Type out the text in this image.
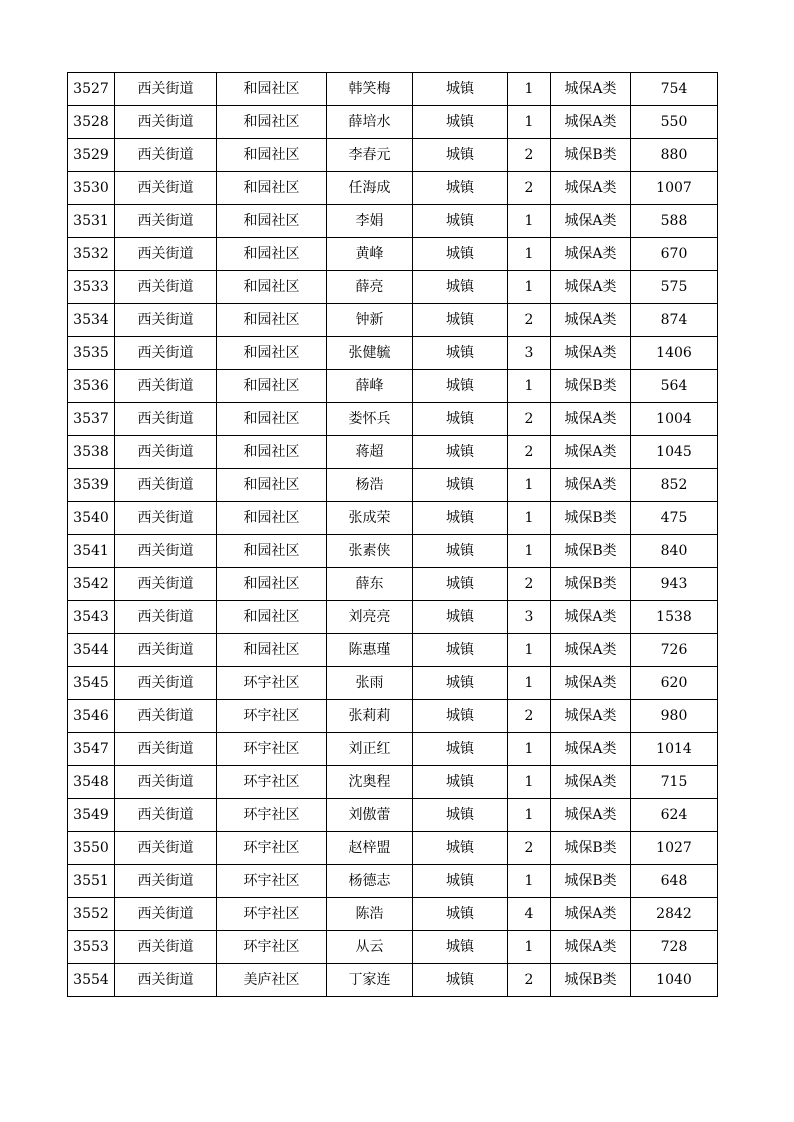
3527	西关街道	和园社区	韩笑梅	城镇	1	城保A类	754
3528	西关街道	和园社区	薛培水	城镇	1	城保A类	550
3529	西关街道	和园社区	李春元	城镇	2	城保B类	880
3530	西关街道	和园社区	任海成	城镇	2	城保A类	1007
3531	西关街道	和园社区	李娟	城镇	1	城保A类	588
3532	西关街道	和园社区	黄峰	城镇	1	城保A类	670
3533	西关街道	和园社区	薛亮	城镇	1	城保A类	575
3534	西关街道	和园社区	钟新	城镇	2	城保A类	874
3535	西关街道	和园社区	张健毓	城镇	3	城保A类	1406
3536	西关街道	和园社区	薛峰	城镇	1	城保B类	564
3537	西关街道	和园社区	娄怀兵	城镇	2	城保A类	1004
3538	西关街道	和园社区	蒋超	城镇	2	城保A类	1045
3539	西关街道	和园社区	杨浩	城镇	1	城保A类	852
3540	西关街道	和园社区	张成荣	城镇	1	城保B类	475
3541	西关街道	和园社区	张素侠	城镇	1	城保B类	840
3542	西关街道	和园社区	薛东	城镇	2	城保B类	943
3543	西关街道	和园社区	刘亮亮	城镇	3	城保A类	1538
3544	西关街道	和园社区	陈惠瑾	城镇	1	城保A类	726
3545	西关街道	环宇社区	张雨	城镇	1	城保A类	620
3546	西关街道	环宇社区	张莉莉	城镇	2	城保A类	980
3547	西关街道	环宇社区	刘正红	城镇	1	城保A类	1014
3548	西关街道	环宇社区	沈奥程	城镇	1	城保A类	715
3549	西关街道	环宇社区	刘傲蕾	城镇	1	城保A类	624
3550	西关街道	环宇社区	赵梓盟	城镇	2	城保B类	1027
3551	西关街道	环宇社区	杨德志	城镇	1	城保B类	648
3552	西关街道	环宇社区	陈浩	城镇	4	城保A类	2842
3553	西关街道	环宇社区	从云	城镇	1	城保A类	728
3554	西关街道	美庐社区	丁家连	城镇	2	城保B类	1040
